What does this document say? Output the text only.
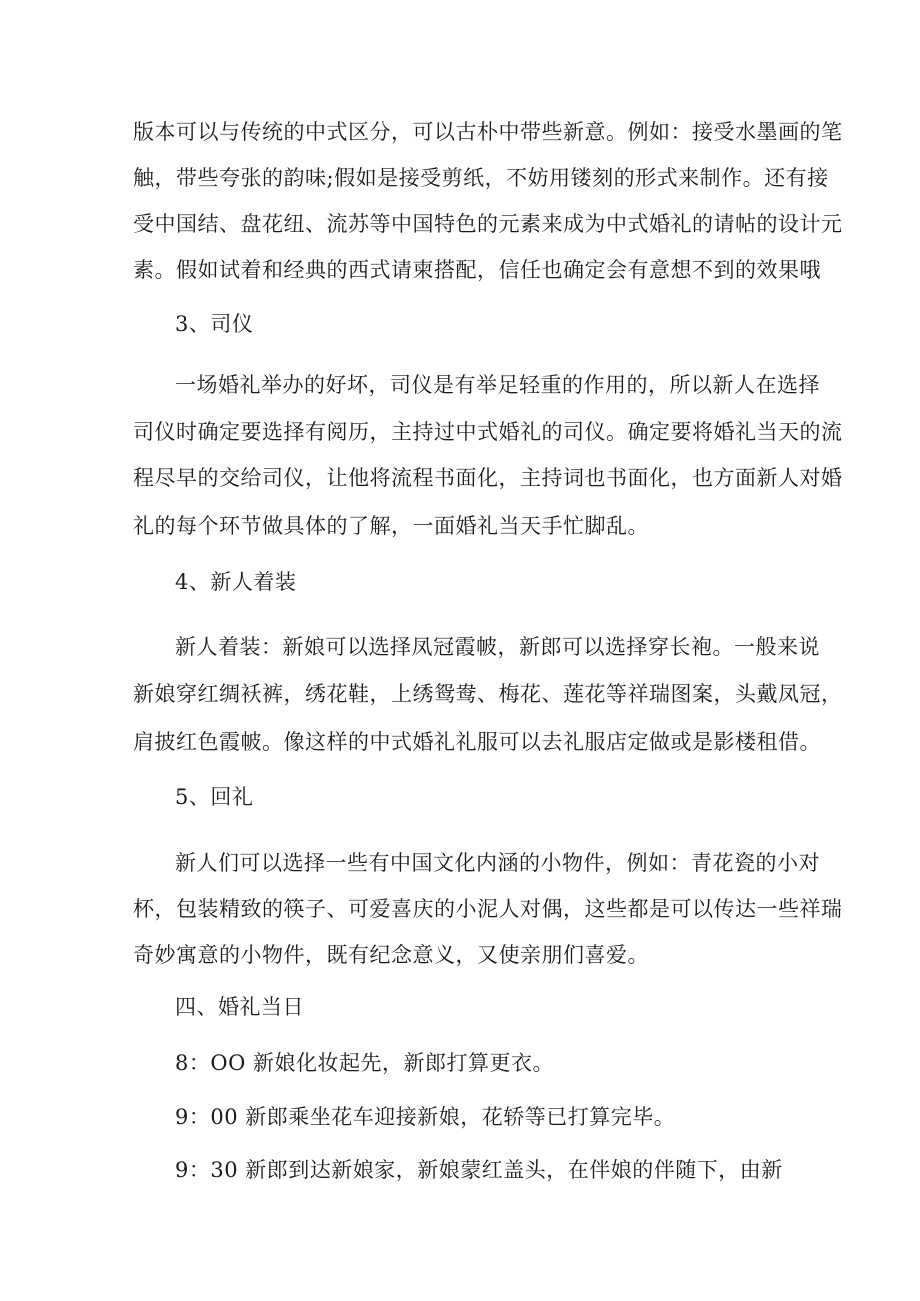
版本可以与传统的中式区分，可以古朴中带些新意。例如：接受水墨画的笔
触，带些夸张的韵味;假如是接受剪纸，不妨用镂刻的形式来制作。还有接
受中国结、盘花纽、流苏等中国特色的元素来成为中式婚礼的请帖的设计元
素。假如试着和经典的西式请柬搭配，信任也确定会有意想不到的效果哦
3、司仪
一场婚礼举办的好坏，司仪是有举足轻重的作用的，所以新人在选择
司仪时确定要选择有阅历，主持过中式婚礼的司仪。确定要将婚礼当天的流
程尽早的交给司仪，让他将流程书面化，主持词也书面化，也方面新人对婚
礼的每个环节做具体的了解，一面婚礼当天手忙脚乱。
4、新人着装
新人着装：新娘可以选择凤冠霞帔，新郎可以选择穿长袍。一般来说
新娘穿红绸袄裤，绣花鞋，上绣鸳鸯、梅花、莲花等祥瑞图案，头戴凤冠，
肩披红色霞帔。像这样的中式婚礼礼服可以去礼服店定做或是影楼租借。
5、回礼
新人们可以选择一些有中国文化内涵的小物件，例如：青花瓷的小对
杯，包装精致的筷子、可爱喜庆的小泥人对偶，这些都是可以传达一些祥瑞
奇妙寓意的小物件，既有纪念意义，又使亲朋们喜爱。
四、婚礼当日
8：OO 新娘化妆起先，新郎打算更衣。
9：00 新郎乘坐花车迎接新娘，花轿等已打算完毕。
9：30 新郎到达新娘家，新娘蒙红盖头，在伴娘的伴随下，由新
